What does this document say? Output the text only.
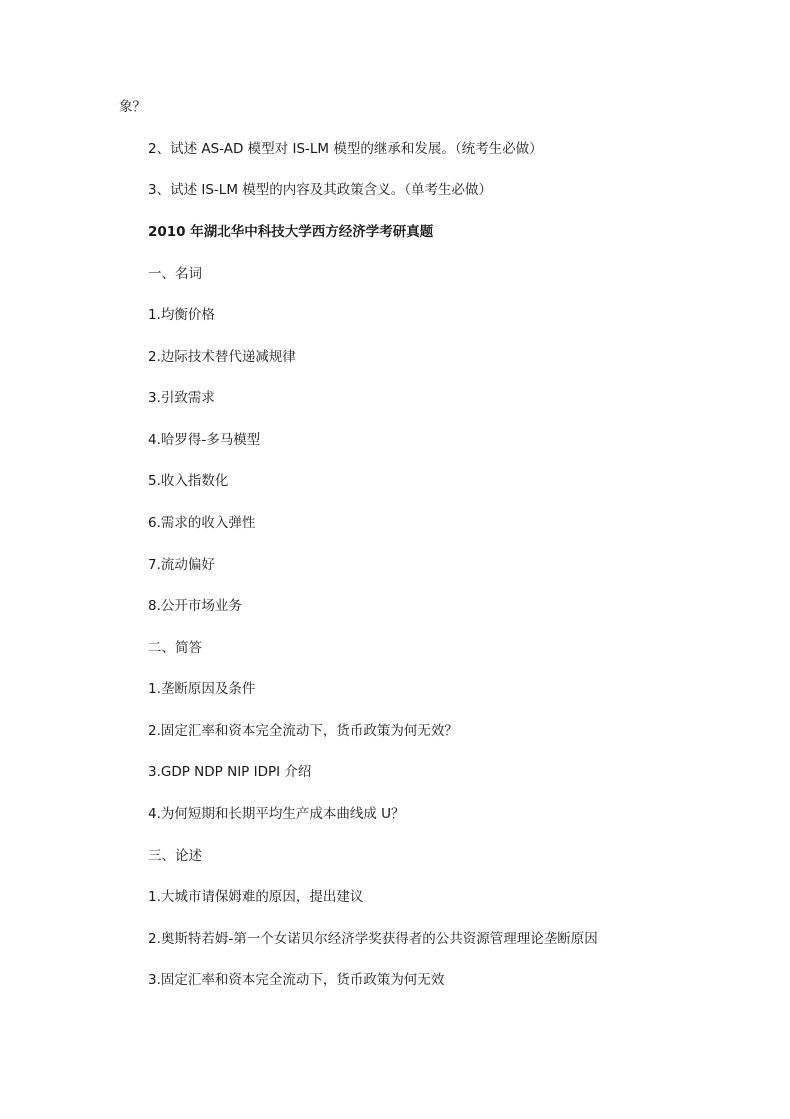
象？
2、试述 AS-AD 模型对 IS-LM 模型的继承和发展。（统考生必做）
3、试述 IS-LM 模型的内容及其政策含义。（单考生必做）
2010 年湖北华中科技大学西方经济学考研真题
一、名词
1.均衡价格
2.边际技术替代递减规律
3.引致需求
4.哈罗得-多马模型
5.收入指数化
6.需求的收入弹性
7.流动偏好
8.公开市场业务
二、简答
1.垄断原因及条件
2.固定汇率和资本完全流动下，货币政策为何无效？
3.GDP NDP NIP IDPI 介绍
4.为何短期和长期平均生产成本曲线成 U？
三、论述
1.大城市请保姆难的原因，提出建议
2.奥斯特若姆-第一个女诺贝尔经济学奖获得者的公共资源管理理论垄断原因
3.固定汇率和资本完全流动下，货币政策为何无效
